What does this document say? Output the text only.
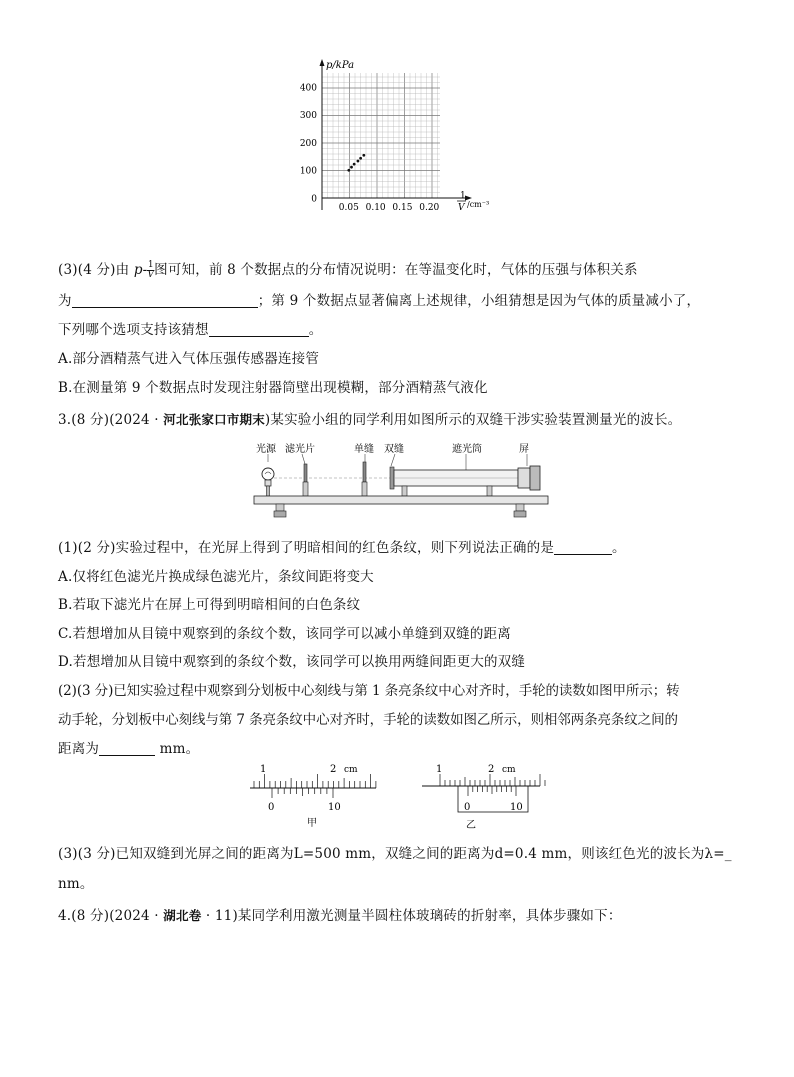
p/kPa
400
300
200
100
0
0.05 0.10 0.15 0.20
1
V /cm⁻³
(3)(4 分)由 $p- \frac{1}{V}$ 图可知，前 8 个数据点的分布情况说明：在等温变化时，气体的压强与体积关系
为	；第 9 个数据点显著偏离上述规律，小组猜想是因为气体的质量减小了，
下列哪个选项支持该猜想	。
A.部分酒精蒸气进入气体压强传感器连接管
B.在测量第 9 个数据点时发现注射器筒壁出现模糊，部分酒精蒸气液化
3.(8 分)(2024 · 河北张家口市期末)某实验小组的同学利用如图所示的双缝干涉实验装置测量光的波长。
光源 滤光片	单缝 双缝	遮光筒	屏
(1)(2 分)实验过程中，在光屏上得到了明暗相间的红色条纹，则下列说法正确的是	。
A.仅将红色滤光片换成绿色滤光片，条纹间距将变大
B.若取下滤光片在屏上可得到明暗相间的白色条纹
C.若想增加从目镜中观察到的条纹个数，该同学可以减小单缝到双缝的距离
D.若想增加从目镜中观察到的条纹个数，该同学可以换用两缝间距更大的双缝
(2)(3 分)已知实验过程中观察到分划板中心刻线与第 1 条亮条纹中心对齐时，手轮的读数如图甲所示；转
动手轮，分划板中心刻线与第 7 条亮条纹中心对齐时，手轮的读数如图乙所示，则相邻两条亮条纹之间的
距离为	mm。
1	2 cm
0	10
甲
1	2 cm
0	10
乙
(3)(3 分)已知双缝到光屏之间的距离为L=500 mm，双缝之间的距离为d=0.4 mm，则该红色光的波长为λ=_
nm。
4.(8 分)(2024 · 湖北卷 · 11)某同学利用激光测量半圆柱体玻璃砖的折射率，具体步骤如下：
